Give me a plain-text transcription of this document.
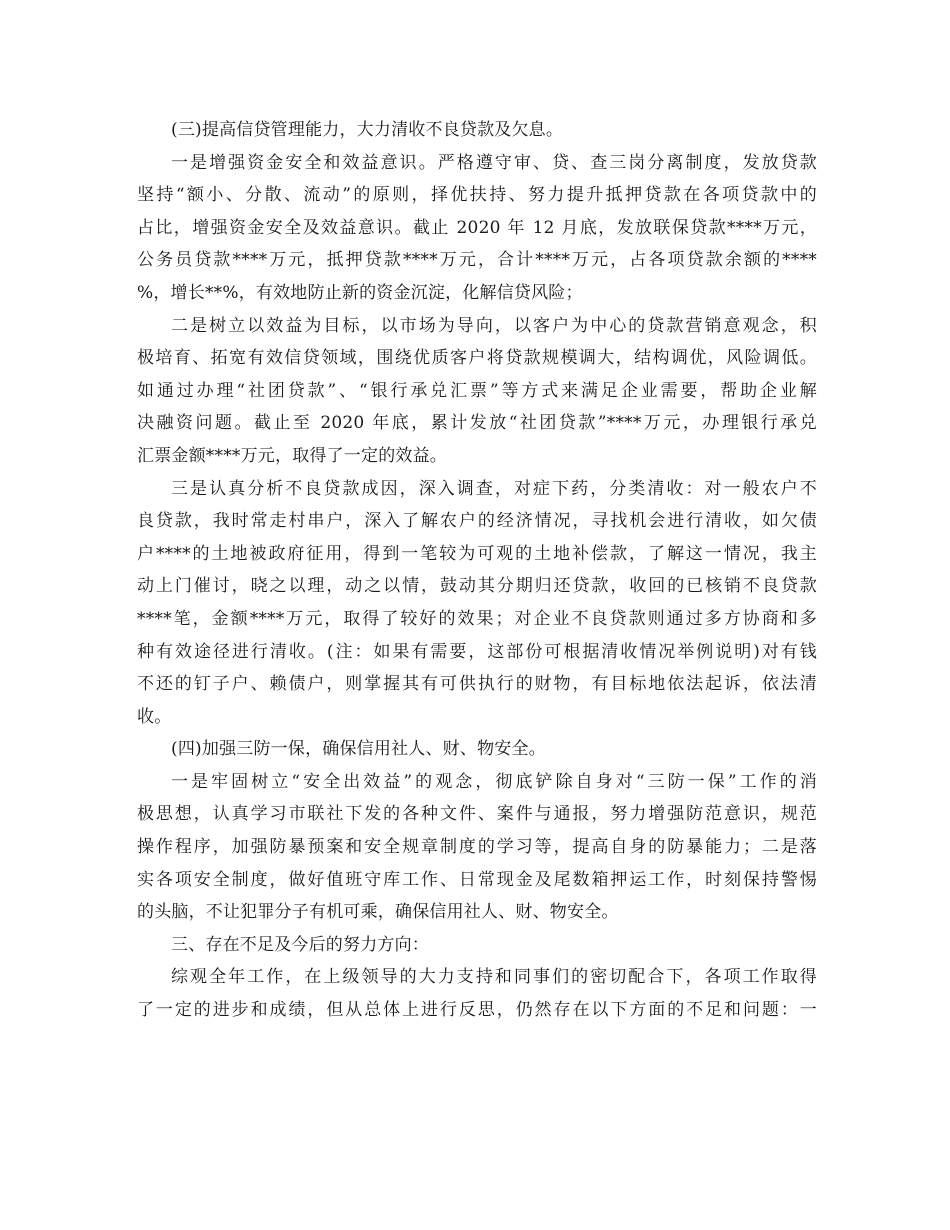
(三)提高信贷管理能力，大力清收不良贷款及欠息。
一是增强资金安全和效益意识。严格遵守审、贷、查三岗分离制度，发放贷款
坚持“额小、分散、流动”的原则，择优扶持、努力提升抵押贷款在各项贷款中的
占比，增强资金安全及效益意识。截止 2020 年 12 月底，发放联保贷款****万元，
公务员贷款****万元，抵押贷款****万元，合计****万元，占各项贷款余额的****
%，增长**%，有效地防止新的资金沉淀，化解信贷风险；
二是树立以效益为目标，以市场为导向，以客户为中心的贷款营销意观念，积
极培育、拓宽有效信贷领域，围绕优质客户将贷款规模调大，结构调优，风险调低。
如通过办理“社团贷款”、“银行承兑汇票”等方式来满足企业需要，帮助企业解
决融资问题。截止至 2020 年底，累计发放“社团贷款”****万元，办理银行承兑
汇票金额****万元，取得了一定的效益。
三是认真分析不良贷款成因，深入调查，对症下药，分类清收：对一般农户不
良贷款，我时常走村串户，深入了解农户的经济情况，寻找机会进行清收，如欠债
户****的土地被政府征用，得到一笔较为可观的土地补偿款，了解这一情况，我主
动上门催讨，晓之以理，动之以情，鼓动其分期归还贷款，收回的已核销不良贷款
****笔，金额****万元，取得了较好的效果；对企业不良贷款则通过多方协商和多
种有效途径进行清收。(注：如果有需要，这部份可根据清收情况举例说明)对有钱
不还的钉子户、赖债户，则掌握其有可供执行的财物，有目标地依法起诉，依法清
收。
(四)加强三防一保，确保信用社人、财、物安全。
一是牢固树立“安全出效益”的观念，彻底铲除自身对“三防一保”工作的消
极思想，认真学习市联社下发的各种文件、案件与通报，努力增强防范意识，规范
操作程序，加强防暴预案和安全规章制度的学习等，提高自身的防暴能力；二是落
实各项安全制度，做好值班守库工作、日常现金及尾数箱押运工作，时刻保持警惕
的头脑，不让犯罪分子有机可乘，确保信用社人、财、物安全。
三、存在不足及今后的努力方向：
综观全年工作，在上级领导的大力支持和同事们的密切配合下，各项工作取得
了一定的进步和成绩，但从总体上进行反思，仍然存在以下方面的不足和问题：一
